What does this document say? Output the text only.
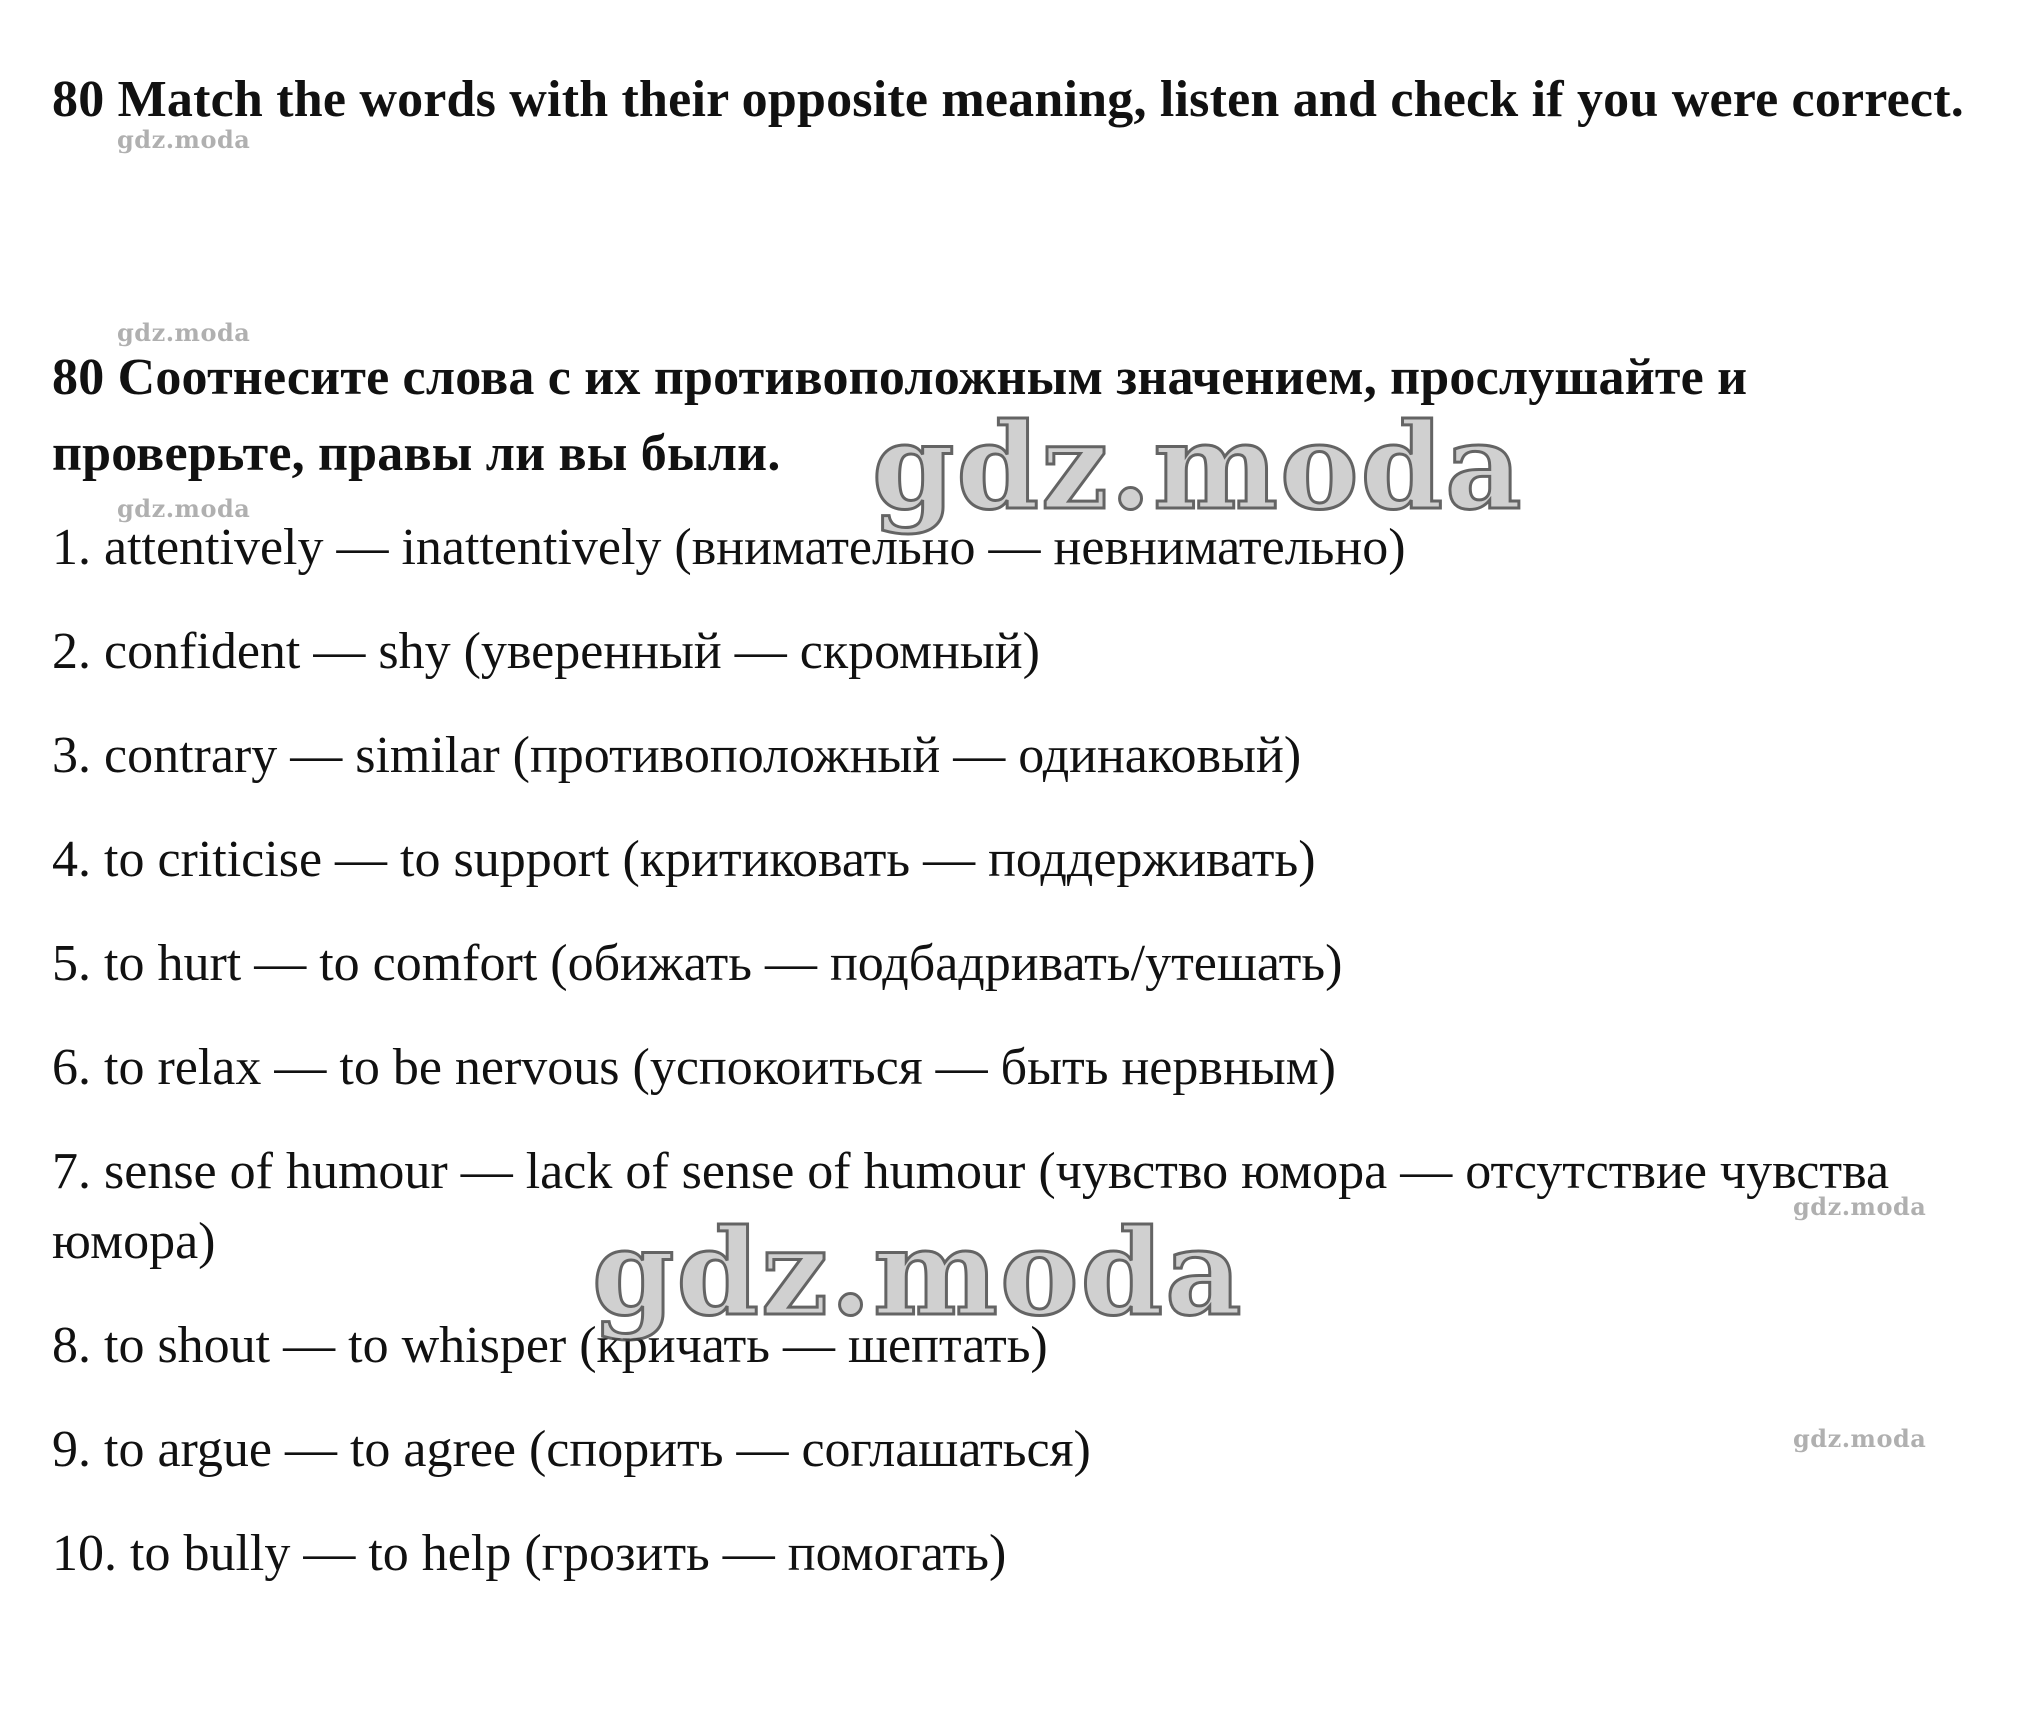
80 Match the words with their opposite meaning, listen and check if you were correct.
80 Соотнесите слова с их противоположным значением, прослушайте и проверьте, правы ли вы были.

1. attentively — inattentively (внимательно — невнимательно)

2. confident — shy (уверенный — скромный)

3. contrary — similar (противоположный — одинаковый)

4. to criticise — to support (критиковать — поддерживать)

5. to hurt — to comfort (обижать — подбадривать/утешать)

6. to relax — to be nervous (успокоиться — быть нервным)

7. sense of humour — lack of sense of humour (чувство юмора — отсутствие чувства юмора)

8. to shout — to whisper (кричать — шептать)

9. to argue — to agree (спорить — соглашаться)

10. to bully — to help (грозить — помогать)

gdz.moda
gdz.moda
gdz.moda
gdz.moda
gdz.moda
gdz.moda
gdz.moda
